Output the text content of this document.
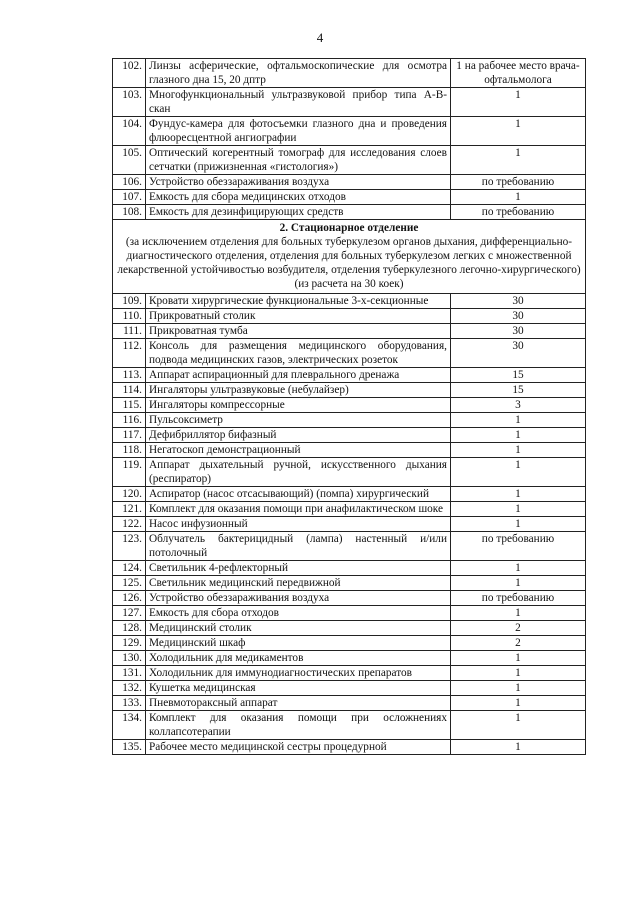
4
102.	Линзы асферические, офтальмоскопические для осмотра глазного дна 15, 20 дптр	1 на рабочее место врача-офтальмолога
103.	Многофункциональный ультразвуковой прибор типа А-В-скан	1
104.	Фундус-камера для фотосъемки глазного дна и проведения флюоресцентной ангиографии	1
105.	Оптический когерентный томограф для исследования слоев сетчатки (прижизненная «гистология»)	1
106.	Устройство обеззараживания воздуха	по требованию
107.	Емкость для сбора медицинских отходов	1
108.	Емкость для дезинфицирующих средств	по требованию

2. Стационарное отделение
(за исключением отделения для больных туберкулезом органов дыхания, дифференциально-диагностического отделения, отделения для больных туберкулезом легких с множественной лекарственной устойчивостью возбудителя, отделения туберкулезного легочно-хирургического) (из расчета на 30 коек)		

109.	Кровати хирургические функциональные 3-х-секционные	30
110.	Прикроватный столик	30
111.	Прикроватная тумба	30
112.	Консоль для размещения медицинского оборудования, подвода медицинских газов, электрических розеток	30
113.	Аппарат аспирационный для плеврального дренажа	15
114.	Ингаляторы ультразвуковые (небулайзер)	15
115.	Ингаляторы компрессорные	3
116.	Пульсоксиметр	1
117.	Дефибриллятор бифазный	1
118.	Негатоскоп демонстрационный	1
119.	Аппарат дыхательный ручной, искусственного дыхания (респиратор)	1
120.	Аспиратор (насос отсасывающий) (помпа) хирургический	1
121.	Комплект для оказания помощи при анафилактическом шоке	1
122.	Насос инфузионный	1
123.	Облучатель бактерицидный (лампа) настенный и/или потолочный	по требованию
124.	Светильник 4-рефлекторный	1
125.	Светильник медицинский передвижной	1
126.	Устройство обеззараживания воздуха	по требованию
127.	Емкость для сбора отходов	1
128.	Медицинский столик	2
129.	Медицинский шкаф	2
130.	Холодильник для медикаментов	1
131.	Холодильник для иммунодиагностических препаратов	1
132.	Кушетка медицинская	1
133.	Пневмоторакcный аппарат	1
134.	Комплект для оказания помощи при осложнениях коллапсотерапии	1
135.	Рабочее место медицинской сестры процедурной	1
